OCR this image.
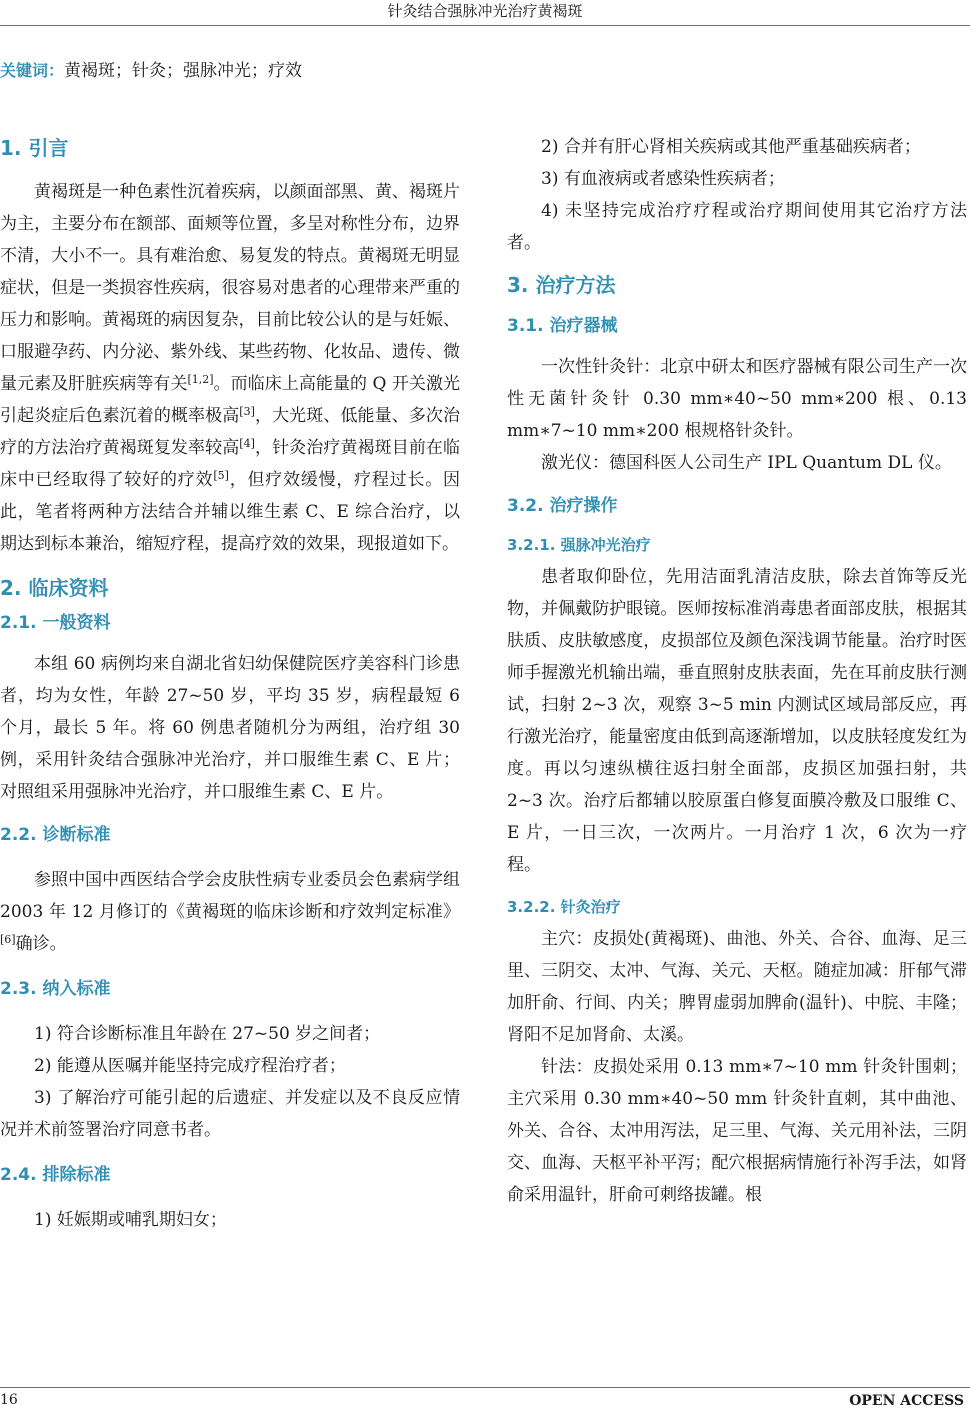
针灸结合强脉冲光治疗黄褐斑
关键词：黄褐斑；针灸；强脉冲光；疗效
1. 引言

黄褐斑是一种色素性沉着疾病，以颜面部黑、黄、褐斑片为主，主要分布在额部、面颊等位置，多呈对称性分布，边界不清，大小不一。具有难治愈、易复发的特点。黄褐斑无明显症状，但是一类损容性疾病，很容易对患者的心理带来严重的压力和影响。黄褐斑的病因复杂，目前比较公认的是与妊娠、口服避孕药、内分泌、紫外线、某些药物、化妆品、遗传、微量元素及肝脏疾病等有关[1,2]。而临床上高能量的 Q 开关激光引起炎症后色素沉着的概率极高[3]，大光斑、低能量、多次治疗的方法治疗黄褐斑复发率较高[4]，针灸治疗黄褐斑目前在临床中已经取得了较好的疗效[5]，但疗效缓慢，疗程过长。因此，笔者将两种方法结合并辅以维生素 C、E 综合治疗，以期达到标本兼治，缩短疗程，提高疗效的效果，现报道如下。

2. 临床资料
2.1. 一般资料

本组 60 病例均来自湖北省妇幼保健院医疗美容科门诊患者，均为女性，年龄 27~50 岁，平均 35 岁，病程最短 6 个月，最长 5 年。将 60 例患者随机分为两组，治疗组 30 例，采用针灸结合强脉冲光治疗，并口服维生素 C、E 片；对照组采用强脉冲光治疗，并口服维生素 C、E 片。

2.2. 诊断标准

参照中国中西医结合学会皮肤性病专业委员会色素病学组 2003 年 12 月修订的《黄褐斑的临床诊断和疗效判定标准》[6]确诊。

2.3. 纳入标准

1) 符合诊断标准且年龄在 27~50 岁之间者；

2) 能遵从医嘱并能坚持完成疗程治疗者；

3) 了解治疗可能引起的后遗症、并发症以及不良反应情况并术前签署治疗同意书者。

2.4. 排除标准

1) 妊娠期或哺乳期妇女；

2) 合并有肝心肾相关疾病或其他严重基础疾病者；

3) 有血液病或者感染性疾病者；

4) 未坚持完成治疗疗程或治疗期间使用其它治疗方法者。

3. 治疗方法
3.1. 治疗器械

一次性针灸针：北京中研太和医疗器械有限公司生产一次性无菌针灸针 0.30 mm∗40~50 mm∗200 根、0.13 mm∗7~10 mm∗200 根规格针灸针。

激光仪：德国科医人公司生产 IPL Quantum DL 仪。

3.2. 治疗操作
3.2.1. 强脉冲光治疗

患者取仰卧位，先用洁面乳清洁皮肤，除去首饰等反光物，并佩戴防护眼镜。医师按标准消毒患者面部皮肤，根据其肤质、皮肤敏感度，皮损部位及颜色深浅调节能量。治疗时医师手握激光机输出端，垂直照射皮肤表面，先在耳前皮肤行测试，扫射 2~3 次，观察 3~5 min 内测试区域局部反应，再行激光治疗，能量密度由低到高逐渐增加，以皮肤轻度发红为度。再以匀速纵横往返扫射全面部，皮损区加强扫射，共 2~3 次。治疗后都辅以胶原蛋白修复面膜冷敷及口服维 C、E 片，一日三次，一次两片。一月治疗 1 次，6 次为一疗程。

3.2.2. 针灸治疗

主穴：皮损处(黄褐斑)、曲池、外关、合谷、血海、足三里、三阴交、太冲、气海、关元、天枢。随症加减：肝郁气滞加肝俞、行间、内关；脾胃虚弱加脾俞(温针)、中脘、丰隆；肾阳不足加肾俞、太溪。

针法：皮损处采用 0.13 mm∗7~10 mm 针灸针围刺；主穴采用 0.30 mm∗40~50 mm 针灸针直刺，其中曲池、外关、合谷、太冲用泻法，足三里、气海、关元用补法，三阴交、血海、天枢平补平泻；配穴根据病情施行补泻手法，如肾俞采用温针，肝俞可刺络拔罐。根

16	OPEN ACCESS
